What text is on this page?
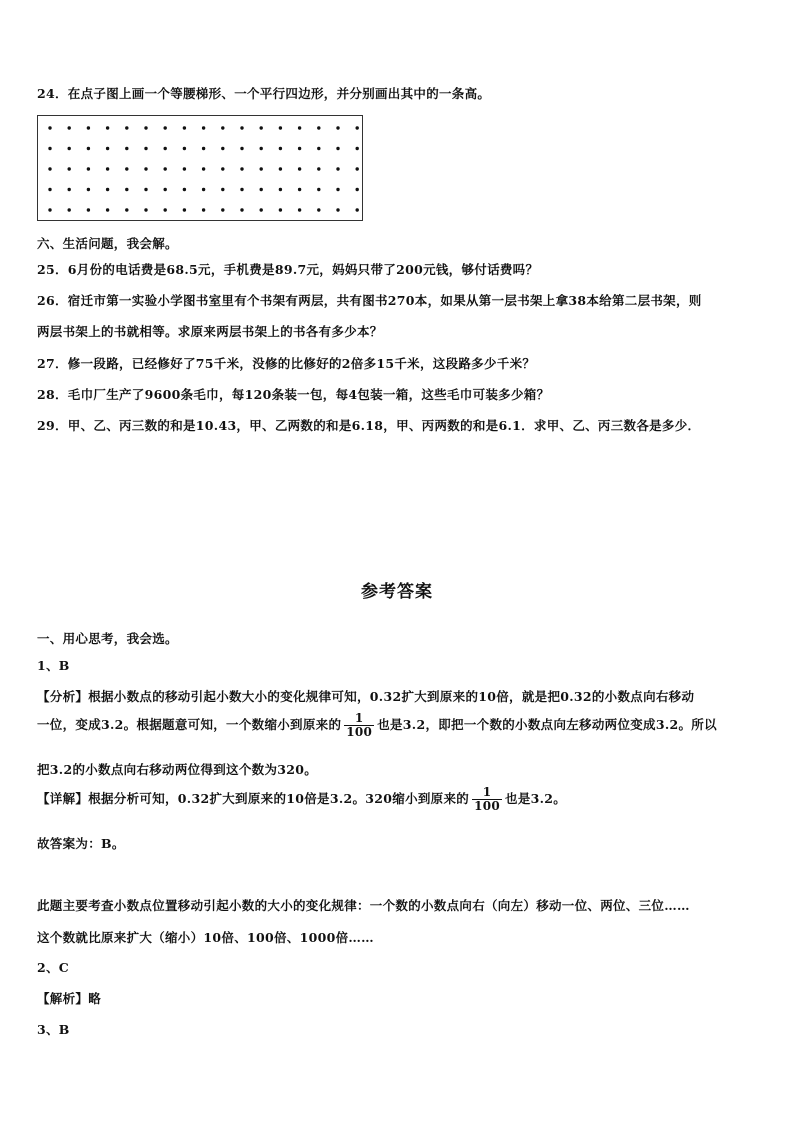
24．在点子图上画一个等腰梯形、一个平行四边形，并分别画出其中的一条高。
六、生活问题，我会解。
25．6月份的电话费是68.5元，手机费是89.7元，妈妈只带了200元钱，够付话费吗？
26．宿迁市第一实验小学图书室里有个书架有两层，共有图书270本，如果从第一层书架上拿38本给第二层书架，则
两层书架上的书就相等。求原来两层书架上的书各有多少本？
27．修一段路，已经修好了75千米，没修的比修好的2倍多15千米，这段路多少千米？
28．毛巾厂生产了9600条毛巾，每120条装一包，每4包装一箱，这些毛巾可装多少箱？
29．甲、乙、丙三数的和是10.43，甲、乙两数的和是6.18，甲、丙两数的和是6.1．求甲、乙、丙三数各是多少．
参考答案
一、用心思考，我会选。
1、B
【分析】根据小数点的移动引起小数大小的变化规律可知，0.32扩大到原来的10倍，就是把0.32的小数点向右移动
一位，变成3.2。根据题意可知，一个数缩小到原来的 $\frac{1}{100}$ 也是3.2，即把一个数的小数点向左移动两位变成3.2。所以
把3.2的小数点向右移动两位得到这个数为320。
【详解】根据分析可知，0.32扩大到原来的10倍是3.2。320缩小到原来的 $\frac{1}{100}$ 也是3.2。
故答案为：B。
此题主要考查小数点位置移动引起小数的大小的变化规律：一个数的小数点向右（向左）移动一位、两位、三位……
这个数就比原来扩大（缩小）10倍、100倍、1000倍……
2、C
【解析】略
3、B
